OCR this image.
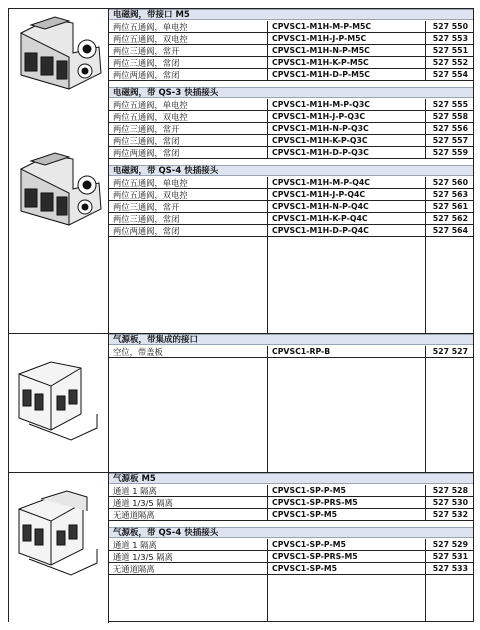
电磁阀，带接口 M5
两位五通阀，单电控	CPVSC1-M1H-M-P-M5C	527 550
两位五通阀，双电控	CPVSC1-M1H-J-P-M5C	527 553
两位三通阀，常开	CPVSC1-M1H-N-P-M5C	527 551
两位三通阀，常闭	CPVSC1-M1H-K-P-M5C	527 552
两位两通阀，常闭	CPVSC1-M1H-D-P-M5C	527 554
电磁阀，带 QS-3 快插接头
两位五通阀，单电控	CPVSC1-M1H-M-P-Q3C	527 555
两位五通阀，双电控	CPVSC1-M1H-J-P-Q3C	527 558
两位三通阀，常开	CPVSC1-M1H-N-P-Q3C	527 556
两位三通阀，常闭	CPVSC1-M1H-K-P-Q3C	527 557
两位两通阀，常闭	CPVSC1-M1H-D-P-Q3C	527 559
电磁阀，带 QS-4 快插接头
两位五通阀，单电控	CPVSC1-M1H-M-P-Q4C	527 560
两位五通阀，双电控	CPVSC1-M1H-J-P-Q4C	527 563
两位三通阀，常开	CPVSC1-M1H-N-P-Q4C	527 561
两位三通阀，常闭	CPVSC1-M1H-K-P-Q4C	527 562
两位两通阀，常闭	CPVSC1-M1H-D-P-Q4C	527 564
气源板，带集成的接口
空位，带盖板	CPVSC1-RP-B	527 527
气源板 M5
通道 1 隔离	CPVSC1-SP-P-M5	527 528
通道 1/3/5 隔离	CPVSC1-SP-PRS-M5	527 530
无通道隔离	CPVSC1-SP-M5	527 532
气源板，带 QS-4 快插接头
通道 1 隔离	CPVSC1-SP-P-M5	527 529
通道 1/3/5 隔离	CPVSC1-SP-PRS-M5	527 531
无通道隔离	CPVSC1-SP-M5	527 533
